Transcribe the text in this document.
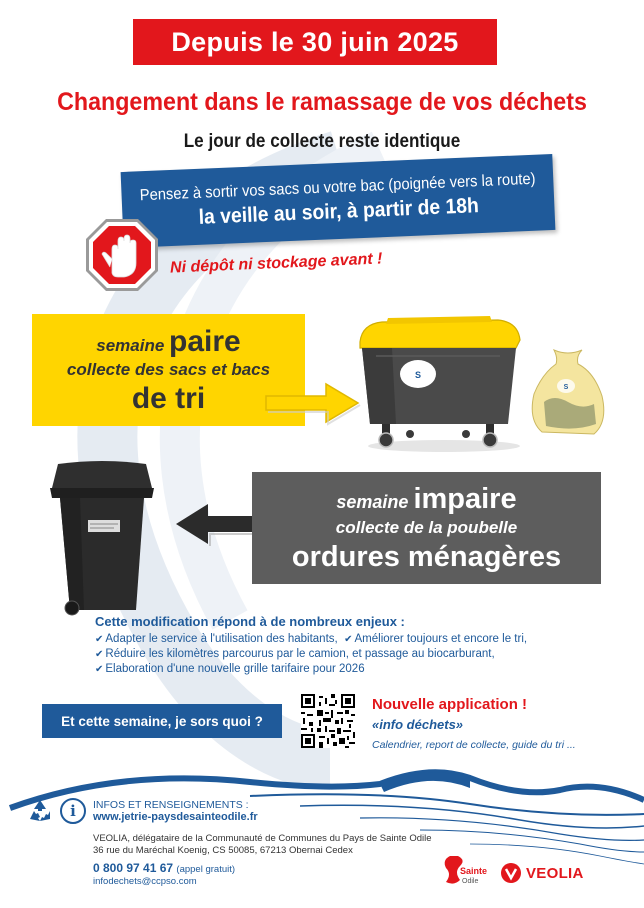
Depuis le 30 juin 2025
Changement dans le ramassage de vos déchets
Le jour de collecte reste identique
Pensez à sortir vos sacs ou votre bac (poignée vers la route)
la veille au soir, à partir de 18h
Ni dépôt ni stockage avant !
semaine paire
collecte des sacs et bacs
de tri
S
S
semaine impaire
collecte de la poubelle
ordures ménagères
Cette modification répond à de nombreux enjeux :
✔ Adapter le service à l'utilisation des habitants, ✔ Améliorer toujours et encore le tri,
✔ Réduire les kilomètres parcourus par le camion, et passage au biocarburant,
✔ Elaboration d'une nouvelle grille tarifaire pour 2026
Et cette semaine, je sors quoi ?
Nouvelle application !
«info déchets»
Calendrier, report de collecte, guide du tri ...
i	INFOS ET RENSEIGNEMENTS :
www.jetrie-paysdesainteodile.fr
VEOLIA, délégataire de la Communauté de Communes du Pays de Sainte Odile
36 rue du Maréchal Koenig, CS 50085, 67213 Obernai Cedex
0 800 97 41 67 (appel gratuit)
infodechets@ccpso.com
Sainte
Odile	VEOLIA
